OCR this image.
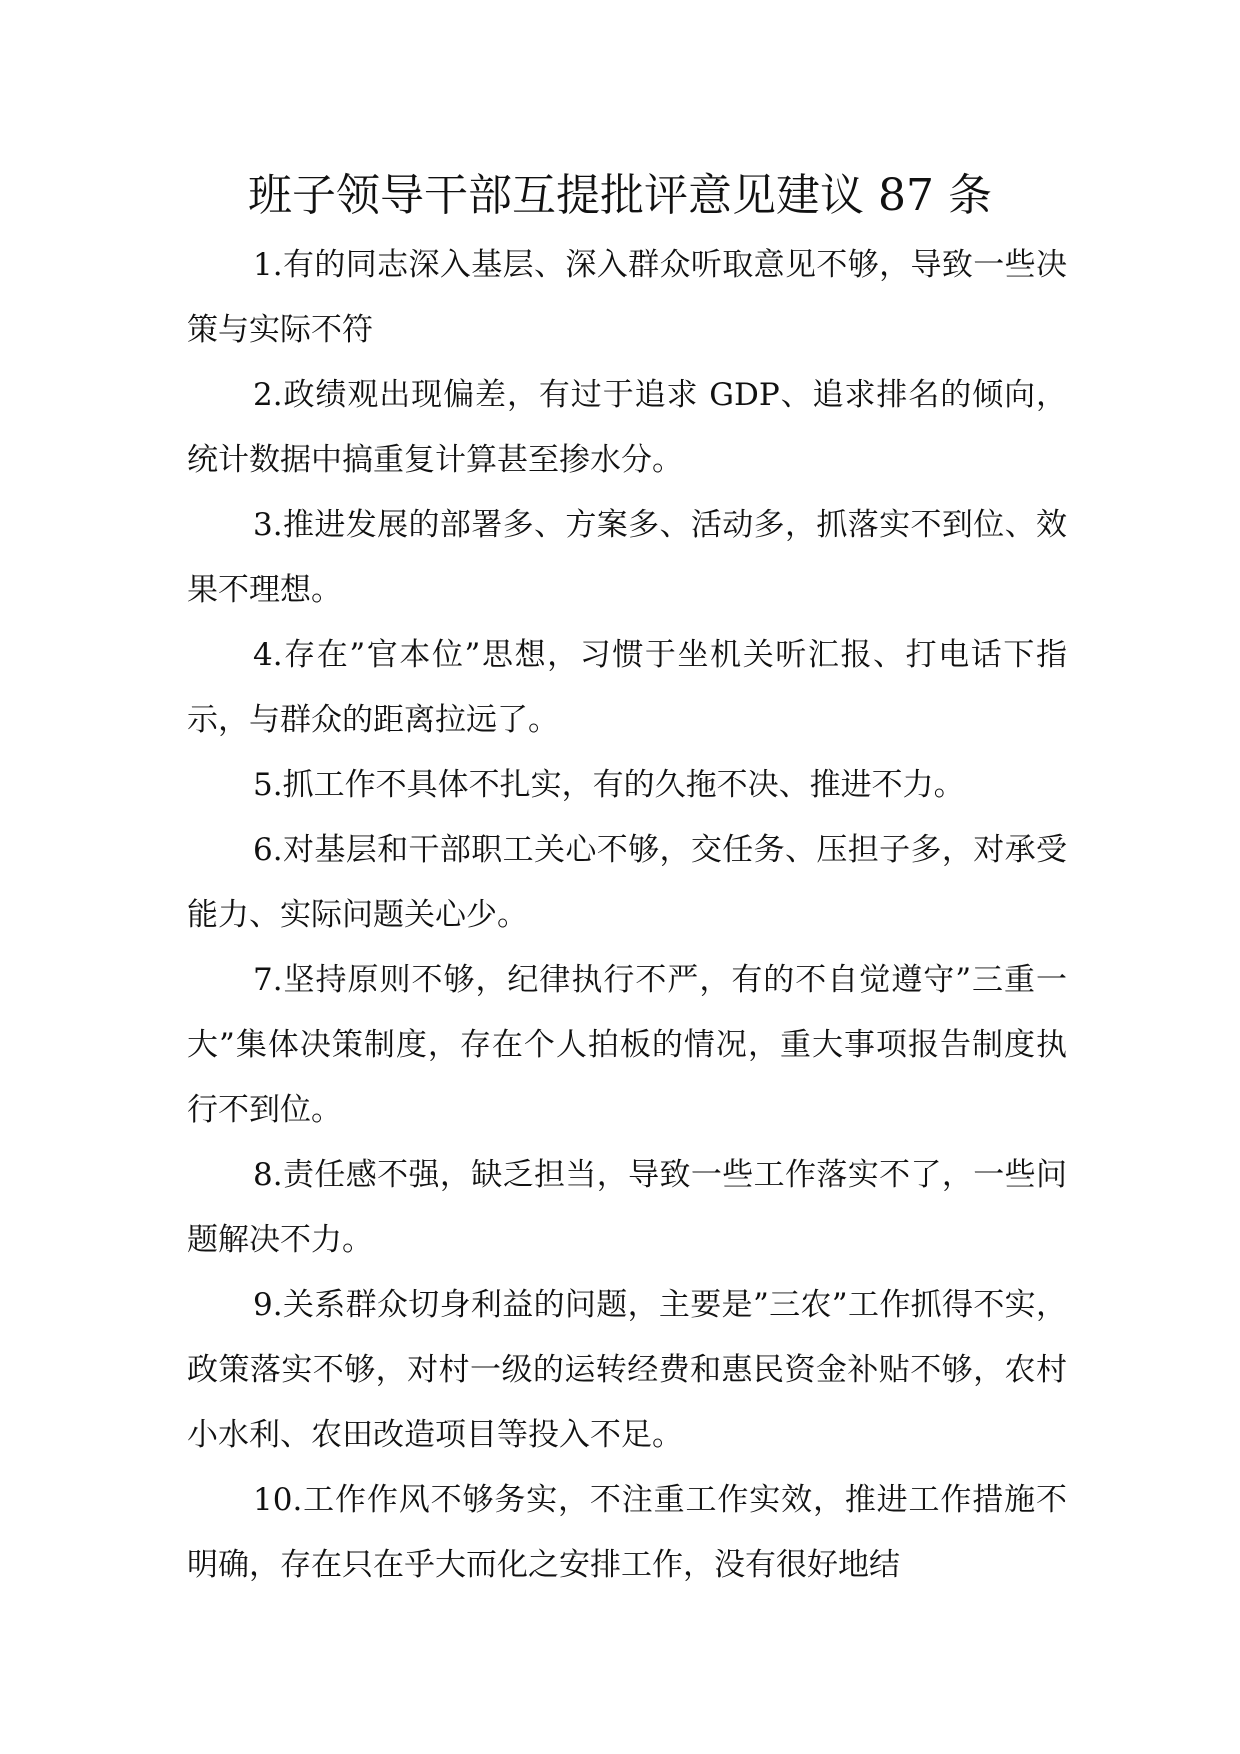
班子领导干部互提批评意见建议 87 条

1.有的同志深入基层、深入群众听取意见不够，导致一些决策与实际不符

2.政绩观出现偏差，有过于追求 GDP、追求排名的倾向，统计数据中搞重复计算甚至掺水分。

3.推进发展的部署多、方案多、活动多，抓落实不到位、效果不理想。

4.存在”官本位”思想，习惯于坐机关听汇报、打电话下指示，与群众的距离拉远了。

5.抓工作不具体不扎实，有的久拖不决、推进不力。

6.对基层和干部职工关心不够，交任务、压担子多，对承受能力、实际问题关心少。

7.坚持原则不够，纪律执行不严，有的不自觉遵守”三重一大”集体决策制度，存在个人拍板的情况，重大事项报告制度执行不到位。

8.责任感不强，缺乏担当，导致一些工作落实不了，一些问题解决不力。

9.关系群众切身利益的问题，主要是”三农”工作抓得不实，政策落实不够，对村一级的运转经费和惠民资金补贴不够，农村小水利、农田改造项目等投入不足。

10.工作作风不够务实，不注重工作实效，推进工作措施不明确，存在只在乎大而化之安排工作，没有很好地结
